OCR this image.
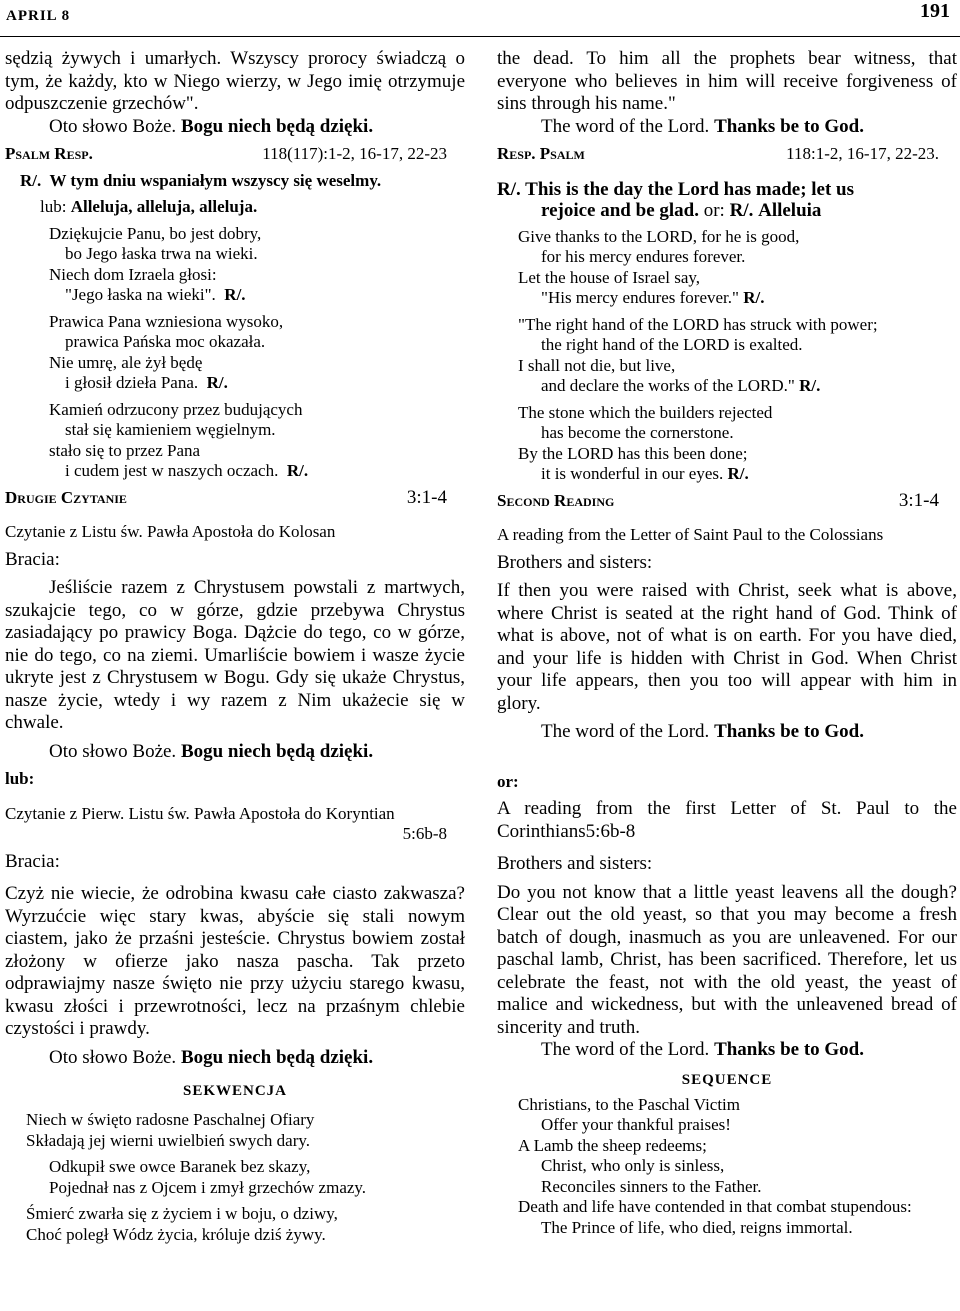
APRIL 8	191

sędzią żywych i umarłych. Wszyscy prorocy świadczą o tym, że każdy, kto w Niego wierzy, w Jego imię otrzymuje odpuszczenie grzechów".

Oto słowo Boże. Bogu niech będą dzięki.

Psalm Resp.	118(117):1-2, 16-17, 22-23

R/. W tym dniu wspaniałym wszyscy się weselmy.

lub: Alleluja, alleluja, alleluja.

Dziękujcie Panu, bo jest dobry,

bo Jego łaska trwa na wieki.

Niech dom Izraela głosi:

"Jego łaska na wieki". R/.

Prawica Pana wzniesiona wysoko,

prawica Pańska moc okazała.

Nie umrę, ale żył będę

i głosił dzieła Pana. R/.

Kamień odrzucony przez budujących

stał się kamieniem węgielnym.

stało się to przez Pana

i cudem jest w naszych oczach. R/.

Drugie Czytanie	3:1-4

Czytanie z Listu św. Pawła Apostoła do Kolosan

Bracia:

Jeśliście razem z Chrystusem powstali z martwych, szukajcie tego, co w górze, gdzie przebywa Chrystus zasiadający po prawicy Boga. Dążcie do tego, co w górze, nie do tego, co na ziemi. Umarliście bowiem i wasze życie ukryte jest z Chrystusem w Bogu. Gdy się ukaże Chrystus, nasze życie, wtedy i wy razem z Nim ukażecie się w chwale.

Oto słowo Boże. Bogu niech będą dzięki.

lub:

Czytanie z Pierw. Listu św. Pawła Apostoła do Koryntian

5:6b-8

Bracia:

Czyż nie wiecie, że odrobina kwasu całe ciasto zakwasza? Wyrzućcie więc stary kwas, abyście się stali nowym ciastem, jako że przaśni jesteście. Chrystus bowiem został złożony w ofierze jako nasza pascha. Tak przeto odprawiajmy nasze święto nie przy użyciu starego kwasu, kwasu złości i przewrotności, lecz na przaśnym chlebie czystości i prawdy.

Oto słowo Boże. Bogu niech będą dzięki.

SEKWENCJA

Niech w święto radosne Paschalnej Ofiary

Składają jej wierni uwielbień swych dary.

Odkupił swe owce Baranek bez skazy,

Pojednał nas z Ojcem i zmył grzechów zmazy.

Śmierć zwarła się z życiem i w boju, o dziwy,

Choć poległ Wódz życia, króluje dziś żywy.

the dead. To him all the prophets bear witness, that everyone who believes in him will receive forgiveness of sins through his name."

The word of the Lord. Thanks be to God.

Resp. Psalm	118:1-2, 16-17, 22-23.

R/. This is the day the Lord has made; let us

rejoice and be glad. or: R/. Alleluia

Give thanks to the LORD, for he is good,

for his mercy endures forever.

Let the house of Israel say,

"His mercy endures forever." R/.

"The right hand of the LORD has struck with power;

the right hand of the LORD is exalted.

I shall not die, but live,

and declare the works of the LORD." R/.

The stone which the builders rejected

has become the cornerstone.

By the LORD has this been done;

it is wonderful in our eyes. R/.

Second Reading	3:1-4

A reading from the Letter of Saint Paul to the Colossians

Brothers and sisters:

If then you were raised with Christ, seek what is above, where Christ is seated at the right hand of God. Think of what is above, not of what is on earth. For you have died, and your life is hidden with Christ in God. When Christ your life appears, then you too will appear with him in glory.

The word of the Lord. Thanks be to God.

or:

A reading from the first Letter of St. Paul to the Corinthians5:6b-8

Brothers and sisters:

Do you not know that a little yeast leavens all the dough? Clear out the old yeast, so that you may become a fresh batch of dough, inasmuch as you are unleavened. For our paschal lamb, Christ, has been sacrificed. Therefore, let us celebrate the feast, not with the old yeast, the yeast of malice and wickedness, but with the unleavened bread of sincerity and truth.

The word of the Lord. Thanks be to God.

SEQUENCE

Christians, to the Paschal Victim

Offer your thankful praises!

A Lamb the sheep redeems;

Christ, who only is sinless,

Reconciles sinners to the Father.

Death and life have contended in that combat stupendous:

The Prince of life, who died, reigns immortal.
